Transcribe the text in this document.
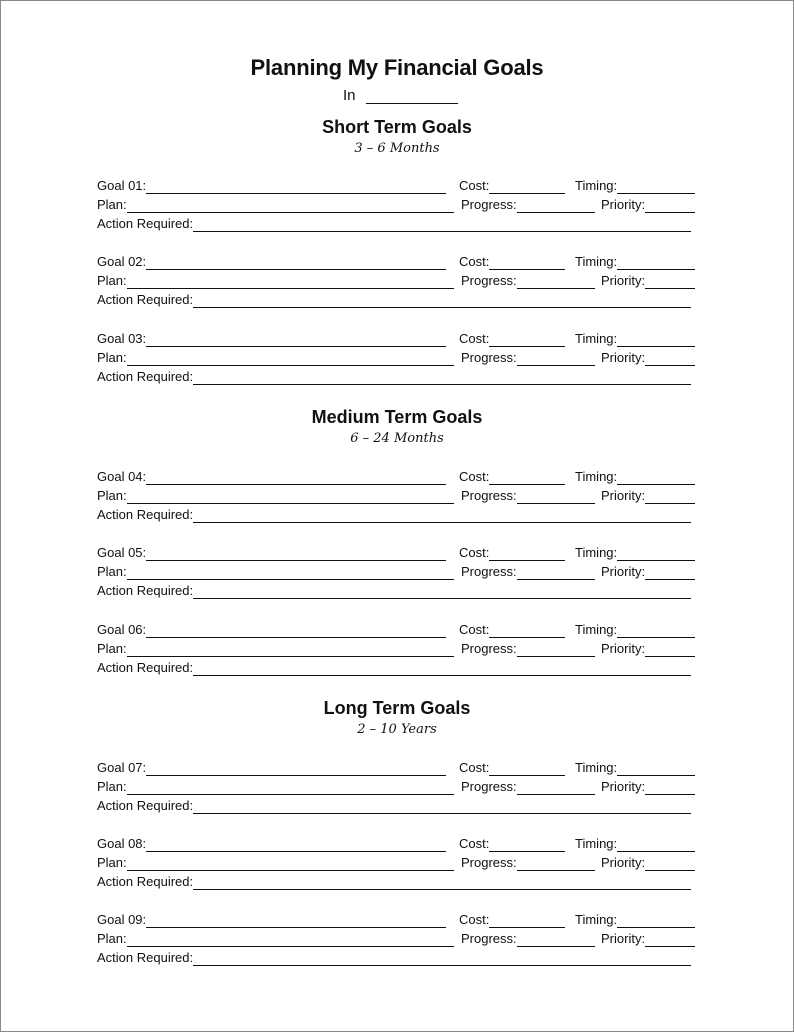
Planning My Financial Goals
In
Short Term Goals
3 – 6 Months
Goal 01:	Cost:	Timing:
Plan:	Progress:	Priority:
Action Required:
Goal 02:	Cost:	Timing:
Plan:	Progress:	Priority:
Action Required:
Goal 03:	Cost:	Timing:
Plan:	Progress:	Priority:
Action Required:
Medium Term Goals
6 – 24 Months
Goal 04:	Cost:	Timing:
Plan:	Progress:	Priority:
Action Required:
Goal 05:	Cost:	Timing:
Plan:	Progress:	Priority:
Action Required:
Goal 06:	Cost:	Timing:
Plan:	Progress:	Priority:
Action Required:
Long Term Goals
2 – 10 Years
Goal 07:	Cost:	Timing:
Plan:	Progress:	Priority:
Action Required:
Goal 08:	Cost:	Timing:
Plan:	Progress:	Priority:
Action Required:
Goal 09:	Cost:	Timing:
Plan:	Progress:	Priority:
Action Required:
